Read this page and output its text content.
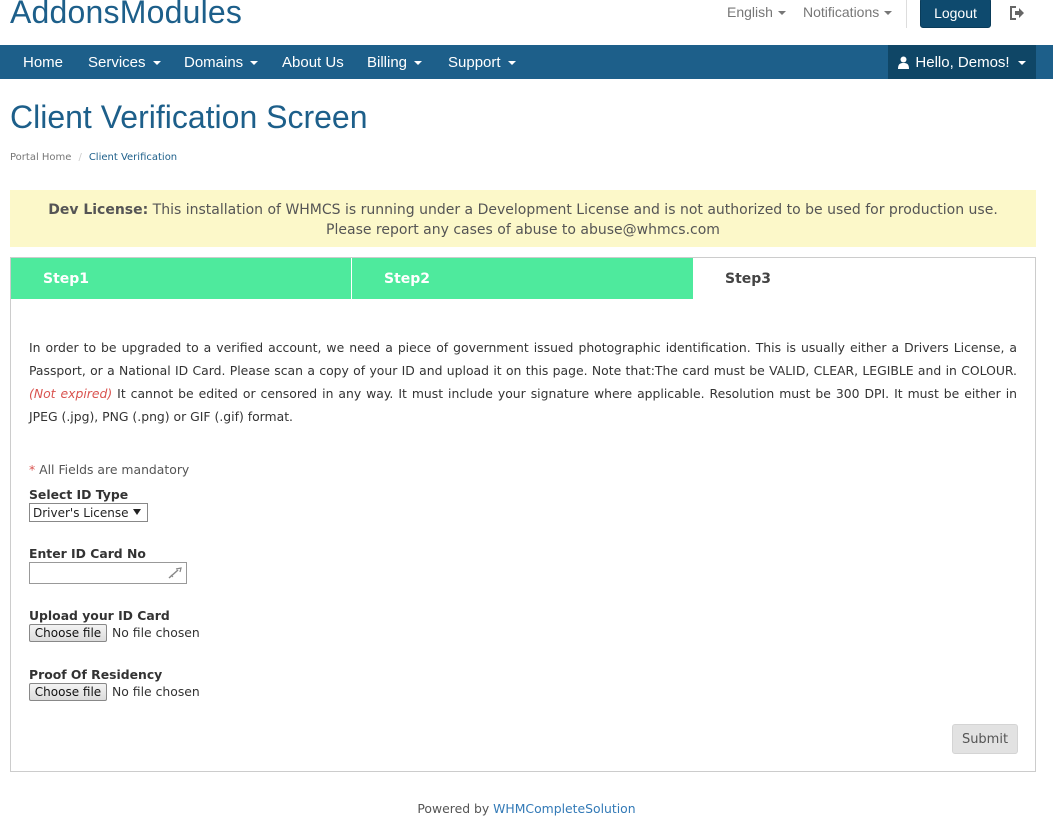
AddonsModules	English Notifications	Logout
Home Services	Domains	About Us Billing	Support	Hello, Demos!
Client Verification Screen
Portal Home / Client Verification
Dev License: This installation of WHMCS is running under a Development License and is not authorized to be used for production use. Please report any cases of abuse to abuse@whmcs.com
Step1	Step2	Step3

In order to be upgraded to a verified account, we need a piece of government issued photographic identification. This is usually either a Drivers License, a Passport, or a National ID Card. Please scan a copy of your ID and upload it on this page. Note that:The card must be VALID, CLEAR, LEGIBLE and in COLOUR. (Not expired) It cannot be edited or censored in any way. It must include your signature where applicable. Resolution must be 300 DPI. It must be either in JPEG (.jpg), PNG (.png) or GIF (.gif) format.

* All Fields are mandatory
Select ID Type
Driver's License
Enter ID Card No
Upload your ID Card
Choose file No file chosen
Proof Of Residency
Choose file No file chosen
Submit
Powered by WHMCompleteSolution
